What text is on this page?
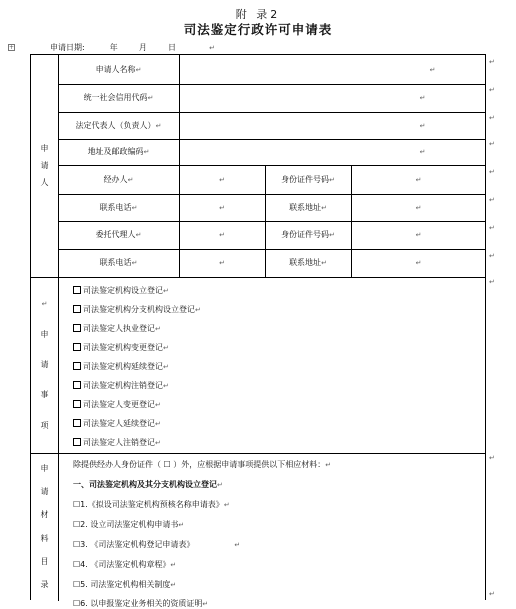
附 录2
司法鉴定行政许可申请表
+	申请日期:	年	月	日	↵
申
请
人
申请人名称 ↵	↵
统一社会信用代码 ↵	↵
法定代表人（负责人） ↵	↵
地址及邮政编码 ↵	↵
经办人 ↵	↵	身份证件号码 ↵	↵
联系电话 ↵	↵	联系地址 ↵	↵
委托代理人 ↵	↵	身份证件号码 ↵	↵
联系电话 ↵	↵	联系地址 ↵	↵
↵
申
请
事
项
司法鉴定机构设立登记↵
司法鉴定机构分支机构设立登记↵
司法鉴定人执业登记↵
司法鉴定机构变更登记↵
司法鉴定机构延续登记↵
司法鉴定机构注销登记↵
司法鉴定人变更登记↵
司法鉴定人延续登记↵
司法鉴定人注销登记↵
申
请
材
料
目
录
除提供经办人身份证件（ ☐ ）外，应根据申请事项提供以下相应材料：↵
一、司法鉴定机构及其分支机构设立登记↵
☐1.《拟设司法鉴定机构预核名称申请表》↵
☐2. 设立司法鉴定机构申请书↵
☐3. 《司法鉴定机构登记申请表》	↵
☐4. 《司法鉴定机构章程》↵
☐5. 司法鉴定机构相关制度↵
☐6. 以申报鉴定业务相关的资质证明↵
↵
↵
↵
↵
↵
↵
↵
↵
↵
↵
↵
